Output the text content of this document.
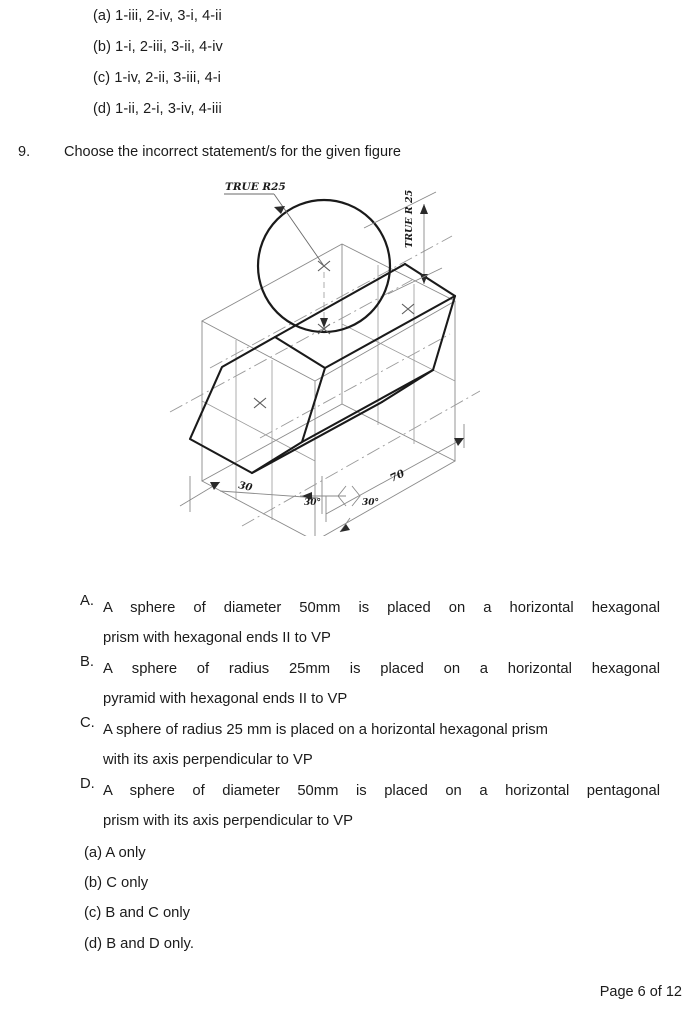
(a) 1-iii, 2-iv, 3-i, 4-ii
(b) 1-i, 2-iii, 3-ii, 4-iv
(c) 1-iv, 2-ii, 3-iii, 4-i
(d) 1-ii, 2-i, 3-iv, 4-iii
9. Choose the incorrect statement/s for the given figure
TRUE R25
TRUE R 25
30
30°	30°
70
A. A sphere of diameter 50mm is placed on a horizontal hexagonal
prism with hexagonal ends II to VP
B. A sphere of radius 25mm is placed on a horizontal hexagonal
pyramid with hexagonal ends II to VP
C. A sphere of radius 25 mm is placed on a horizontal hexagonal prism
with its axis perpendicular to VP
D. A sphere of diameter 50mm is placed on a horizontal pentagonal
prism with its axis perpendicular to VP
(a) A only
(b) C only
(c) B and C only
(d) B and D only.
Page 6 of 12
